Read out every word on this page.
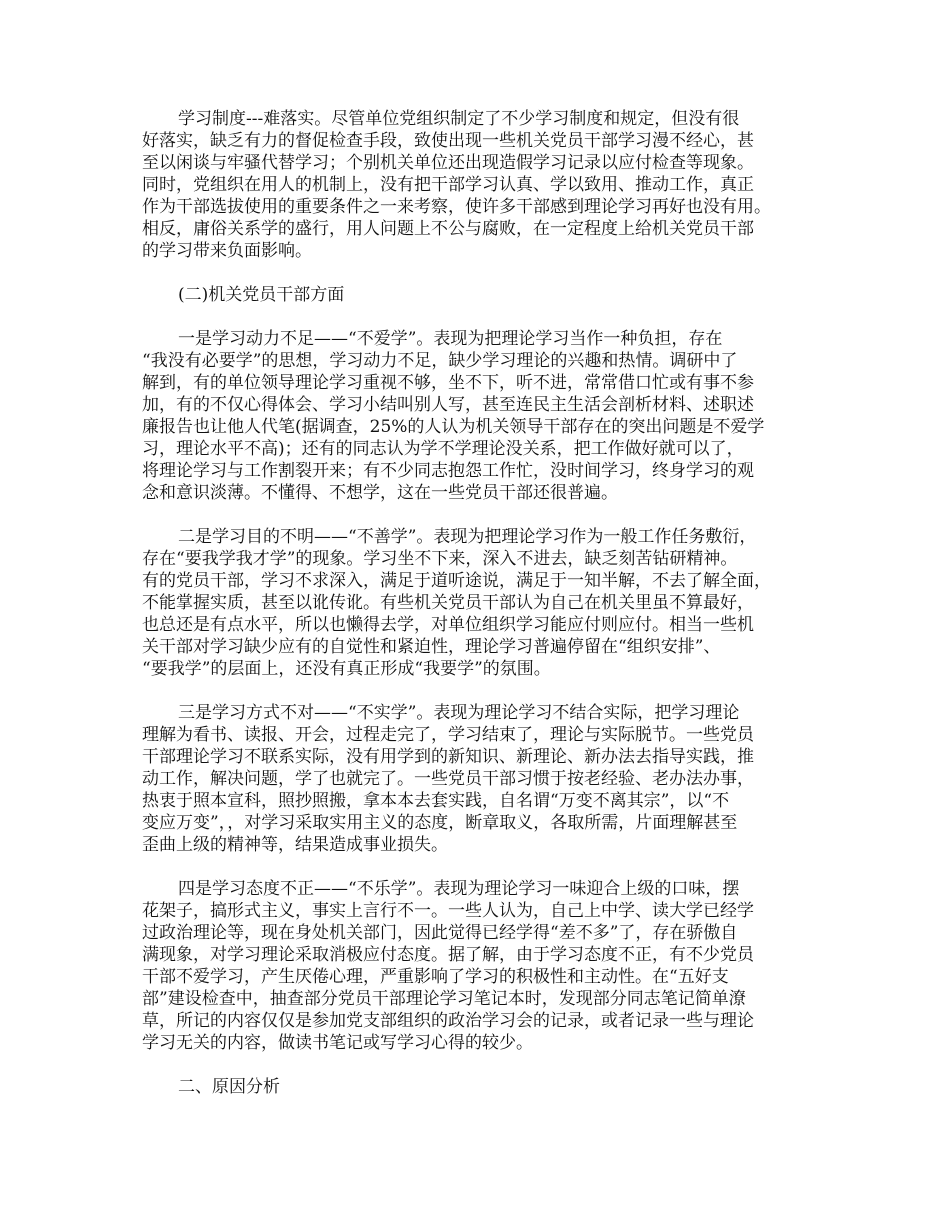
学习制度---难落实。尽管单位党组织制定了不少学习制度和规定，但没有很
好落实，缺乏有力的督促检查手段，致使出现一些机关党员干部学习漫不经心，甚
至以闲谈与牢骚代替学习；个别机关单位还出现造假学习记录以应付检查等现象。
同时，党组织在用人的机制上，没有把干部学习认真、学以致用、推动工作，真正
作为干部选拔使用的重要条件之一来考察，使许多干部感到理论学习再好也没有用。
相反，庸俗关系学的盛行，用人问题上不公与腐败，在一定程度上给机关党员干部
的学习带来负面影响。
(二)机关党员干部方面
一是学习动力不足——“不爱学”。表现为把理论学习当作一种负担，存在
“我没有必要学”的思想，学习动力不足，缺少学习理论的兴趣和热情。调研中了
解到，有的单位领导理论学习重视不够，坐不下，听不进，常常借口忙或有事不参
加，有的不仅心得体会、学习小结叫别人写，甚至连民主生活会剖析材料、述职述
廉报告也让他人代笔(据调查，25%的人认为机关领导干部存在的突出问题是不爱学
习，理论水平不高)；还有的同志认为学不学理论没关系，把工作做好就可以了，
将理论学习与工作割裂开来；有不少同志抱怨工作忙，没时间学习，终身学习的观
念和意识淡薄。不懂得、不想学，这在一些党员干部还很普遍。
二是学习目的不明——“不善学”。表现为把理论学习作为一般工作任务敷衍，
存在“要我学我才学”的现象。学习坐不下来，深入不进去，缺乏刻苦钻研精神。
有的党员干部，学习不求深入，满足于道听途说，满足于一知半解，不去了解全面，
不能掌握实质，甚至以讹传讹。有些机关党员干部认为自己在机关里虽不算最好，
也总还是有点水平，所以也懒得去学，对单位组织学习能应付则应付。相当一些机
关干部对学习缺少应有的自觉性和紧迫性，理论学习普遍停留在“组织安排”、
“要我学”的层面上，还没有真正形成“我要学”的氛围。
三是学习方式不对——“不实学”。表现为理论学习不结合实际，把学习理论
理解为看书、读报、开会，过程走完了，学习结束了，理论与实际脱节。一些党员
干部理论学习不联系实际，没有用学到的新知识、新理论、新办法去指导实践，推
动工作，解决问题，学了也就完了。一些党员干部习惯于按老经验、老办法办事，
热衷于照本宣科，照抄照搬，拿本本去套实践，自名谓“万变不离其宗”，以“不
变应万变”，，对学习采取实用主义的态度，断章取义，各取所需，片面理解甚至
歪曲上级的精神等，结果造成事业损失。
四是学习态度不正——“不乐学”。表现为理论学习一味迎合上级的口味，摆
花架子，搞形式主义，事实上言行不一。一些人认为，自己上中学、读大学已经学
过政治理论等，现在身处机关部门，因此觉得已经学得“差不多”了，存在骄傲自
满现象，对学习理论采取消极应付态度。据了解，由于学习态度不正，有不少党员
干部不爱学习，产生厌倦心理，严重影响了学习的积极性和主动性。在“五好支
部”建设检查中，抽查部分党员干部理论学习笔记本时，发现部分同志笔记简单潦
草，所记的内容仅仅是参加党支部组织的政治学习会的记录，或者记录一些与理论
学习无关的内容，做读书笔记或写学习心得的较少。
二、原因分析
